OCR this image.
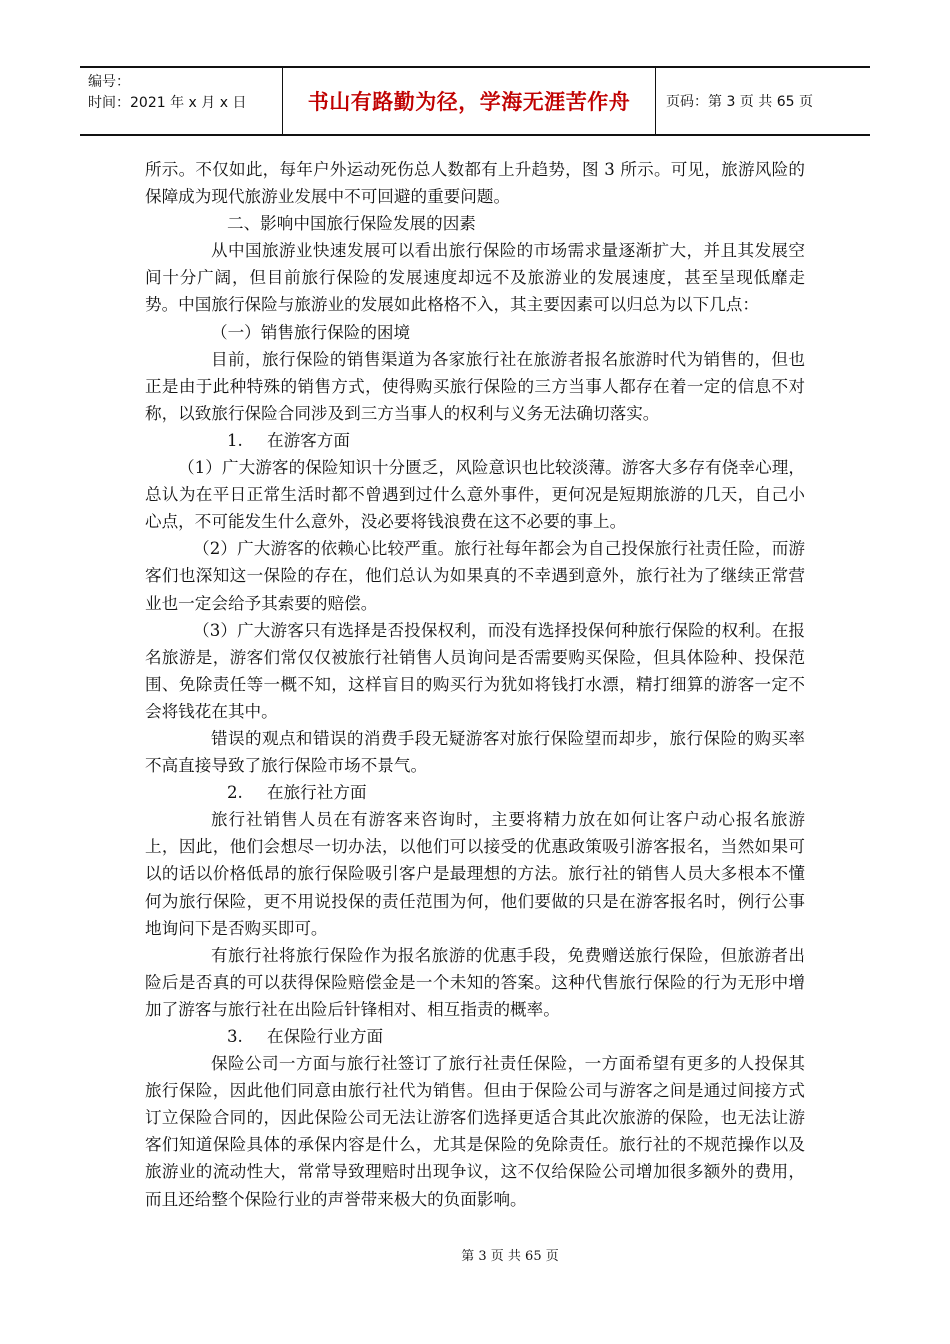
编号：
时间：2021 年 x 月 x 日	书山有路勤为径，学海无涯苦作舟	页码：第 3 页 共 65 页

所示。不仅如此，每年户外运动死伤总人数都有上升趋势，图 3 所示。可见，旅游风险的保障成为现代旅游业发展中不可回避的重要问题。

二、影响中国旅行保险发展的因素

从中国旅游业快速发展可以看出旅行保险的市场需求量逐渐扩大，并且其发展空间十分广阔，但目前旅行保险的发展速度却远不及旅游业的发展速度，甚至呈现低靡走势。中国旅行保险与旅游业的发展如此格格不入，其主要因素可以归总为以下几点：

（一）销售旅行保险的困境

目前，旅行保险的销售渠道为各家旅行社在旅游者报名旅游时代为销售的，但也正是由于此种特殊的销售方式，使得购买旅行保险的三方当事人都存在着一定的信息不对称，以致旅行保险合同涉及到三方当事人的权利与义务无法确切落实。

1. 在游客方面

（1）广大游客的保险知识十分匮乏，风险意识也比较淡薄。游客大多存有侥幸心理，总认为在平日正常生活时都不曾遇到过什么意外事件，更何况是短期旅游的几天，自己小心点，不可能发生什么意外，没必要将钱浪费在这不必要的事上。

（2）广大游客的依赖心比较严重。旅行社每年都会为自己投保旅行社责任险，而游客们也深知这一保险的存在，他们总认为如果真的不幸遇到意外，旅行社为了继续正常营业也一定会给予其索要的赔偿。

（3）广大游客只有选择是否投保权利，而没有选择投保何种旅行保险的权利。在报名旅游是，游客们常仅仅被旅行社销售人员询问是否需要购买保险，但具体险种、投保范围、免除责任等一概不知，这样盲目的购买行为犹如将钱打水漂，精打细算的游客一定不会将钱花在其中。

错误的观点和错误的消费手段无疑游客对旅行保险望而却步，旅行保险的购买率不高直接导致了旅行保险市场不景气。

2. 在旅行社方面

旅行社销售人员在有游客来咨询时，主要将精力放在如何让客户动心报名旅游上，因此，他们会想尽一切办法，以他们可以接受的优惠政策吸引游客报名，当然如果可以的话以价格低昂的旅行保险吸引客户是最理想的方法。旅行社的销售人员大多根本不懂何为旅行保险，更不用说投保的责任范围为何，他们要做的只是在游客报名时，例行公事地询问下是否购买即可。

有旅行社将旅行保险作为报名旅游的优惠手段，免费赠送旅行保险，但旅游者出险后是否真的可以获得保险赔偿金是一个未知的答案。这种代售旅行保险的行为无形中增加了游客与旅行社在出险后针锋相对、相互指责的概率。

3. 在保险行业方面

保险公司一方面与旅行社签订了旅行社责任保险，一方面希望有更多的人投保其旅行保险，因此他们同意由旅行社代为销售。但由于保险公司与游客之间是通过间接方式订立保险合同的，因此保险公司无法让游客们选择更适合其此次旅游的保险，也无法让游客们知道保险具体的承保内容是什么，尤其是保险的免除责任。旅行社的不规范操作以及旅游业的流动性大，常常导致理赔时出现争议，这不仅给保险公司增加很多额外的费用，而且还给整个保险行业的声誉带来极大的负面影响。

第 3 页 共 65 页
